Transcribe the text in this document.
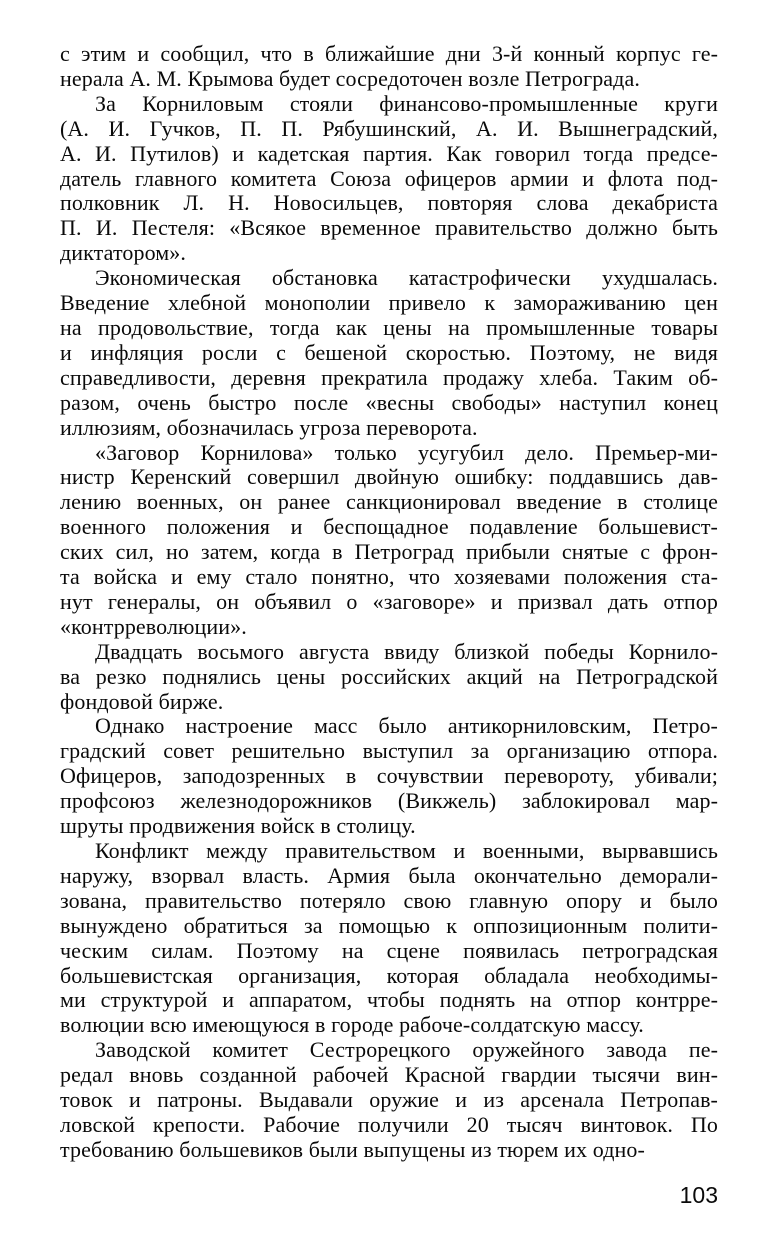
с этим и сообщил, что в ближайшие дни 3-й конный корпус ге-
нерала А. М. Крымова будет сосредоточен возле Петрограда.
За Корниловым стояли финансово-промышленные круги
(А. И. Гучков, П. П. Рябушинский, А. И. Вышнеградский,
А. И. Путилов) и кадетская партия. Как говорил тогда предсе-
датель главного комитета Союза офицеров армии и флота под-
полковник Л. Н. Новосильцев, повторяя слова декабриста
П. И. Пестеля: «Всякое временное правительство должно быть
диктатором».
Экономическая обстановка катастрофически ухудшалась.
Введение хлебной монополии привело к замораживанию цен
на продовольствие, тогда как цены на промышленные товары
и инфляция росли с бешеной скоростью. Поэтому, не видя
справедливости, деревня прекратила продажу хлеба. Таким об-
разом, очень быстро после «весны свободы» наступил конец
иллюзиям, обозначилась угроза переворота.
«Заговор Корнилова» только усугубил дело. Премьер-ми-
нистр Керенский совершил двойную ошибку: поддавшись дав-
лению военных, он ранее санкционировал введение в столице
военного положения и беспощадное подавление большевист-
ских сил, но затем, когда в Петроград прибыли снятые с фрон-
та войска и ему стало понятно, что хозяевами положения ста-
нут генералы, он объявил о «заговоре» и призвал дать отпор
«контрреволюции».
Двадцать восьмого августа ввиду близкой победы Корнило-
ва резко поднялись цены российских акций на Петроградской
фондовой бирже.
Однако настроение масс было антикорниловским, Петро-
градский совет решительно выступил за организацию отпора.
Офицеров, заподозренных в сочувствии перевороту, убивали;
профсоюз железнодорожников (Викжель) заблокировал мар-
шруты продвижения войск в столицу.
Конфликт между правительством и военными, вырвавшись
наружу, взорвал власть. Армия была окончательно деморали-
зована, правительство потеряло свою главную опору и было
вынуждено обратиться за помощью к оппозиционным полити-
ческим силам. Поэтому на сцене появилась петроградская
большевистская организация, которая обладала необходимы-
ми структурой и аппаратом, чтобы поднять на отпор контрре-
волюции всю имеющуюся в городе рабоче-солдатскую массу.
Заводской комитет Сестрорецкого оружейного завода пе-
редал вновь созданной рабочей Красной гвардии тысячи вин-
товок и патроны. Выдавали оружие и из арсенала Петропав-
ловской крепости. Рабочие получили 20 тысяч винтовок. По
требованию большевиков были выпущены из тюрем их одно-
103
